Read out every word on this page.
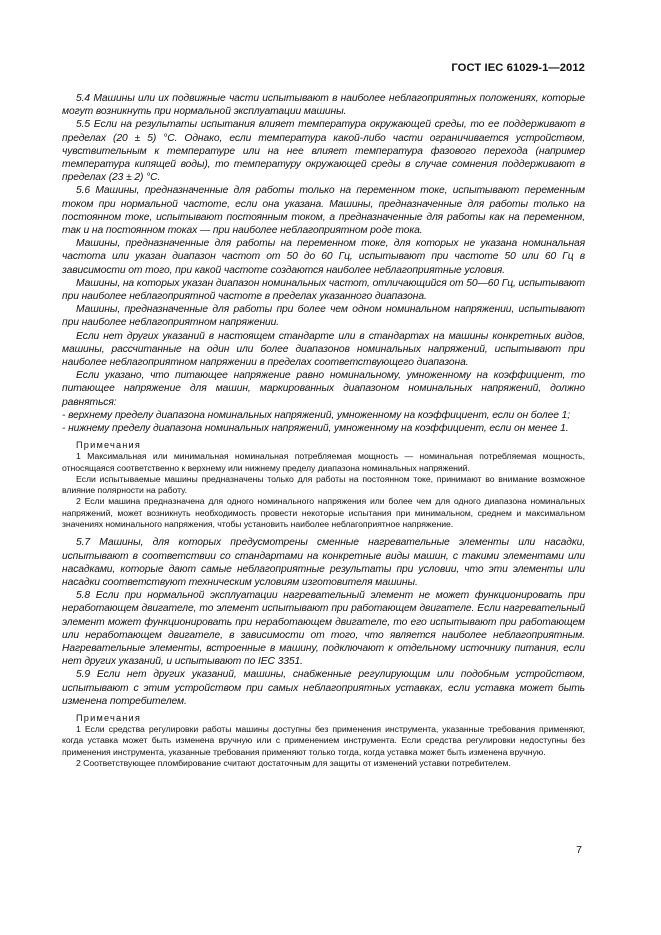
ГОСТ IEC 61029-1—2012

5.4 Машины или их подвижные части испытывают в наиболее неблагоприятных положениях, которые могут возникнуть при нормальной эксплуатации машины.

5.5 Если на результаты испытания влияет температура окружающей среды, то ее поддерживают в пределах (20 ± 5) °С. Однако, если температура какой-либо части ограничивается устройством, чувствительным к температуре или на нее влияет температура фазового перехода (например температура кипящей воды), то температуру окружающей среды в случае сомнения поддерживают в пределах (23 ± 2) °С.

5.6 Машины, предназначенные для работы только на переменном токе, испытывают переменным током при нормальной частоте, если она указана. Машины, предназначенные для работы только на постоянном токе, испытывают постоянным током, а предназначенные для работы как на переменном, так и на постоянном токах — при наиболее неблагоприятном роде тока.

Машины, предназначенные для работы на переменном токе, для которых не указана номинальная частота или указан диапазон частот от 50 до 60 Гц, испытывают при частоте 50 или 60 Гц в зависимости от того, при какой частоте создаются наиболее неблагоприятные условия.

Машины, на которых указан диапазон номинальных частот, отличающийся от 50—60 Гц, испытывают при наиболее неблагоприятной частоте в пределах указанного диапазона.

Машины, предназначенные для работы при более чем одном номинальном напряжении, испытывают при наиболее неблагоприятном напряжении.

Если нет других указаний в настоящем стандарте или в стандартах на машины конкретных видов, машины, рассчитанные на один или более диапазонов номинальных напряжений, испытывают при наиболее неблагоприятном напряжении в пределах соответствующего диапазона.

Если указано, что питающее напряжение равно номинальному, умноженному на коэффициент, то питающее напряжение для машин, маркированных диапазоном номинальных напряжений, должно равняться:

- верхнему пределу диапазона номинальных напряжений, умноженному на коэффициент, если он более 1;

- нижнему пределу диапазона номинальных напряжений, умноженному на коэффициент, если он менее 1.

Примечания

1 Максимальная или минимальная номинальная потребляемая мощность — номинальная потребляемая мощность, относящаяся соответственно к верхнему или нижнему пределу диапазона номинальных напряжений.

Если испытываемые машины предназначены только для работы на постоянном токе, принимают во внимание возможное влияние полярности на работу.

2 Если машина предназначена для одного номинального напряжения или более чем для одного диапазона номинальных напряжений, может возникнуть необходимость провести некоторые испытания при минимальном, среднем и максимальном значениях номинального напряжения, чтобы установить наиболее неблагоприятное напряжение.

5.7 Машины, для которых предусмотрены сменные нагревательные элементы или насадки, испытывают в соответствии со стандартами на конкретные виды машин, с такими элементами или насадками, которые дают самые неблагоприятные результаты при условии, что эти элементы или насадки соответствуют техническим условиям изготовителя машины.

5.8 Если при нормальной эксплуатации нагревательный элемент не может функционировать при неработающем двигателе, то элемент испытывают при работающем двигателе. Если нагревательный элемент может функционировать при неработающем двигателе, то его испытывают при работающем или неработающем двигателе, в зависимости от того, что является наиболее неблагоприятным. Нагревательные элементы, встроенные в машину, подключают к отдельному источнику питания, если нет других указаний, и испытывают по IEC 3351.

5.9 Если нет других указаний, машины, снабженные регулирующим или подобным устройством, испытывают с этим устройством при самых неблагоприятных уставках, если уставка может быть изменена потребителем.

Примечания

1 Если средства регулировки работы машины доступны без применения инструмента, указанные требования применяют, когда уставка может быть изменена вручную или с применением инструмента. Если средства регулировки недоступны без применения инструмента, указанные требования применяют только тогда, когда уставка может быть изменена вручную.

2 Соответствующее пломбирование считают достаточным для защиты от изменений уставки потребителем.

7
